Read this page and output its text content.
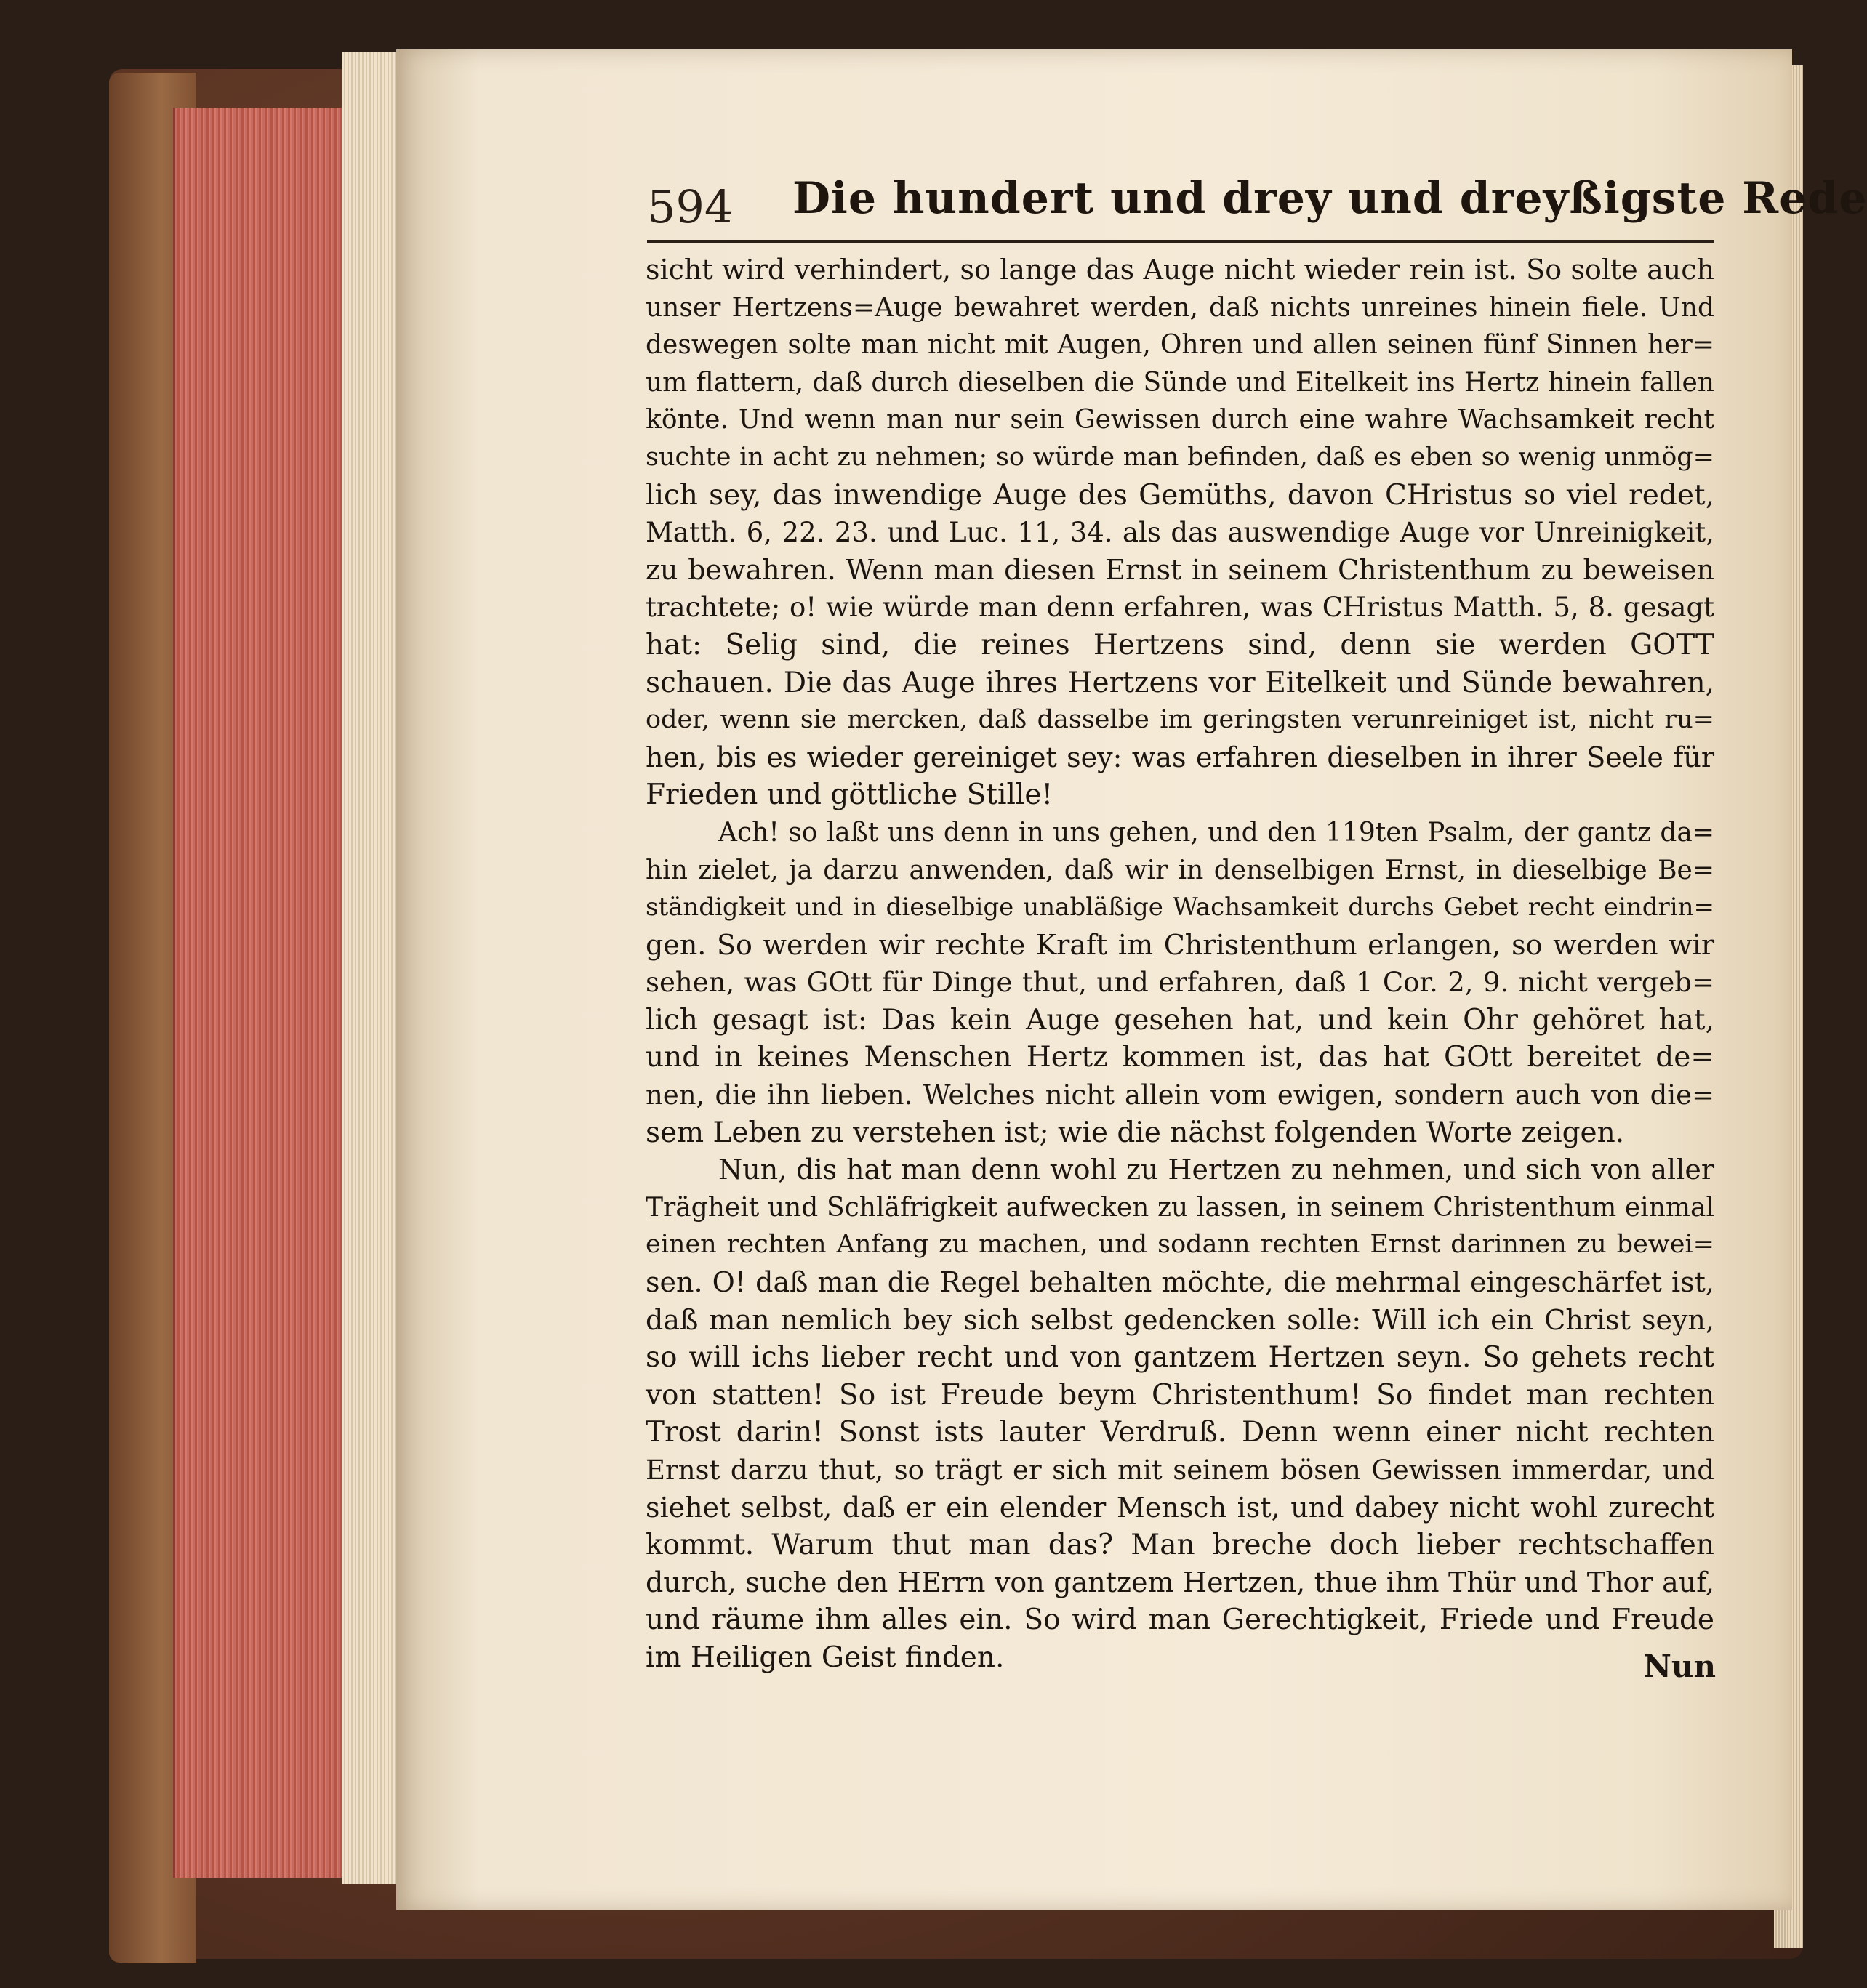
594 Die hundert und drey und dreyßigste Rede
sicht wird verhindert, so lange das Auge nicht wieder rein ist. So solte auch
unser Hertzens=Auge bewahret werden, daß nichts unreines hinein fiele. Und
deswegen solte man nicht mit Augen, Ohren und allen seinen fünf Sinnen her=
um flattern, daß durch dieselben die Sünde und Eitelkeit ins Hertz hinein fallen
könte. Und wenn man nur sein Gewissen durch eine wahre Wachsamkeit recht
suchte in acht zu nehmen; so würde man befinden, daß es eben so wenig unmög=
lich sey, das inwendige Auge des Gemüths, davon CHristus so viel redet,
Matth. 6, 22. 23. und Luc. 11, 34. als das auswendige Auge vor Unreinigkeit,
zu bewahren. Wenn man diesen Ernst in seinem Christenthum zu beweisen
trachtete; o! wie würde man denn erfahren, was CHristus Matth. 5, 8. gesagt
hat: Selig sind, die reines Hertzens sind, denn sie werden GOTT
schauen. Die das Auge ihres Hertzens vor Eitelkeit und Sünde bewahren,
oder, wenn sie mercken, daß dasselbe im geringsten verunreiniget ist, nicht ru=
hen, bis es wieder gereiniget sey: was erfahren dieselben in ihrer Seele für
Frieden und göttliche Stille!
Ach! so laßt uns denn in uns gehen, und den 119ten Psalm, der gantz da=
hin zielet, ja darzu anwenden, daß wir in denselbigen Ernst, in dieselbige Be=
ständigkeit und in dieselbige unabläßige Wachsamkeit durchs Gebet recht eindrin=
gen. So werden wir rechte Kraft im Christenthum erlangen, so werden wir
sehen, was GOtt für Dinge thut, und erfahren, daß 1 Cor. 2, 9. nicht vergeb=
lich gesagt ist: Das kein Auge gesehen hat, und kein Ohr gehöret hat,
und in keines Menschen Hertz kommen ist, das hat GOtt bereitet de=
nen, die ihn lieben. Welches nicht allein vom ewigen, sondern auch von die=
sem Leben zu verstehen ist; wie die nächst folgenden Worte zeigen.
Nun, dis hat man denn wohl zu Hertzen zu nehmen, und sich von aller
Trägheit und Schläfrigkeit aufwecken zu lassen, in seinem Christenthum einmal
einen rechten Anfang zu machen, und sodann rechten Ernst darinnen zu bewei=
sen. O! daß man die Regel behalten möchte, die mehrmal eingeschärfet ist,
daß man nemlich bey sich selbst gedencken solle: Will ich ein Christ seyn,
so will ichs lieber recht und von gantzem Hertzen seyn. So gehets recht
von statten! So ist Freude beym Christenthum! So findet man rechten
Trost darin! Sonst ists lauter Verdruß. Denn wenn einer nicht rechten
Ernst darzu thut, so trägt er sich mit seinem bösen Gewissen immerdar, und
siehet selbst, daß er ein elender Mensch ist, und dabey nicht wohl zurecht
kommt. Warum thut man das? Man breche doch lieber rechtschaffen
durch, suche den HErrn von gantzem Hertzen, thue ihm Thür und Thor auf,
und räume ihm alles ein. So wird man Gerechtigkeit, Friede und Freude
im Heiligen Geist finden.	Nun
